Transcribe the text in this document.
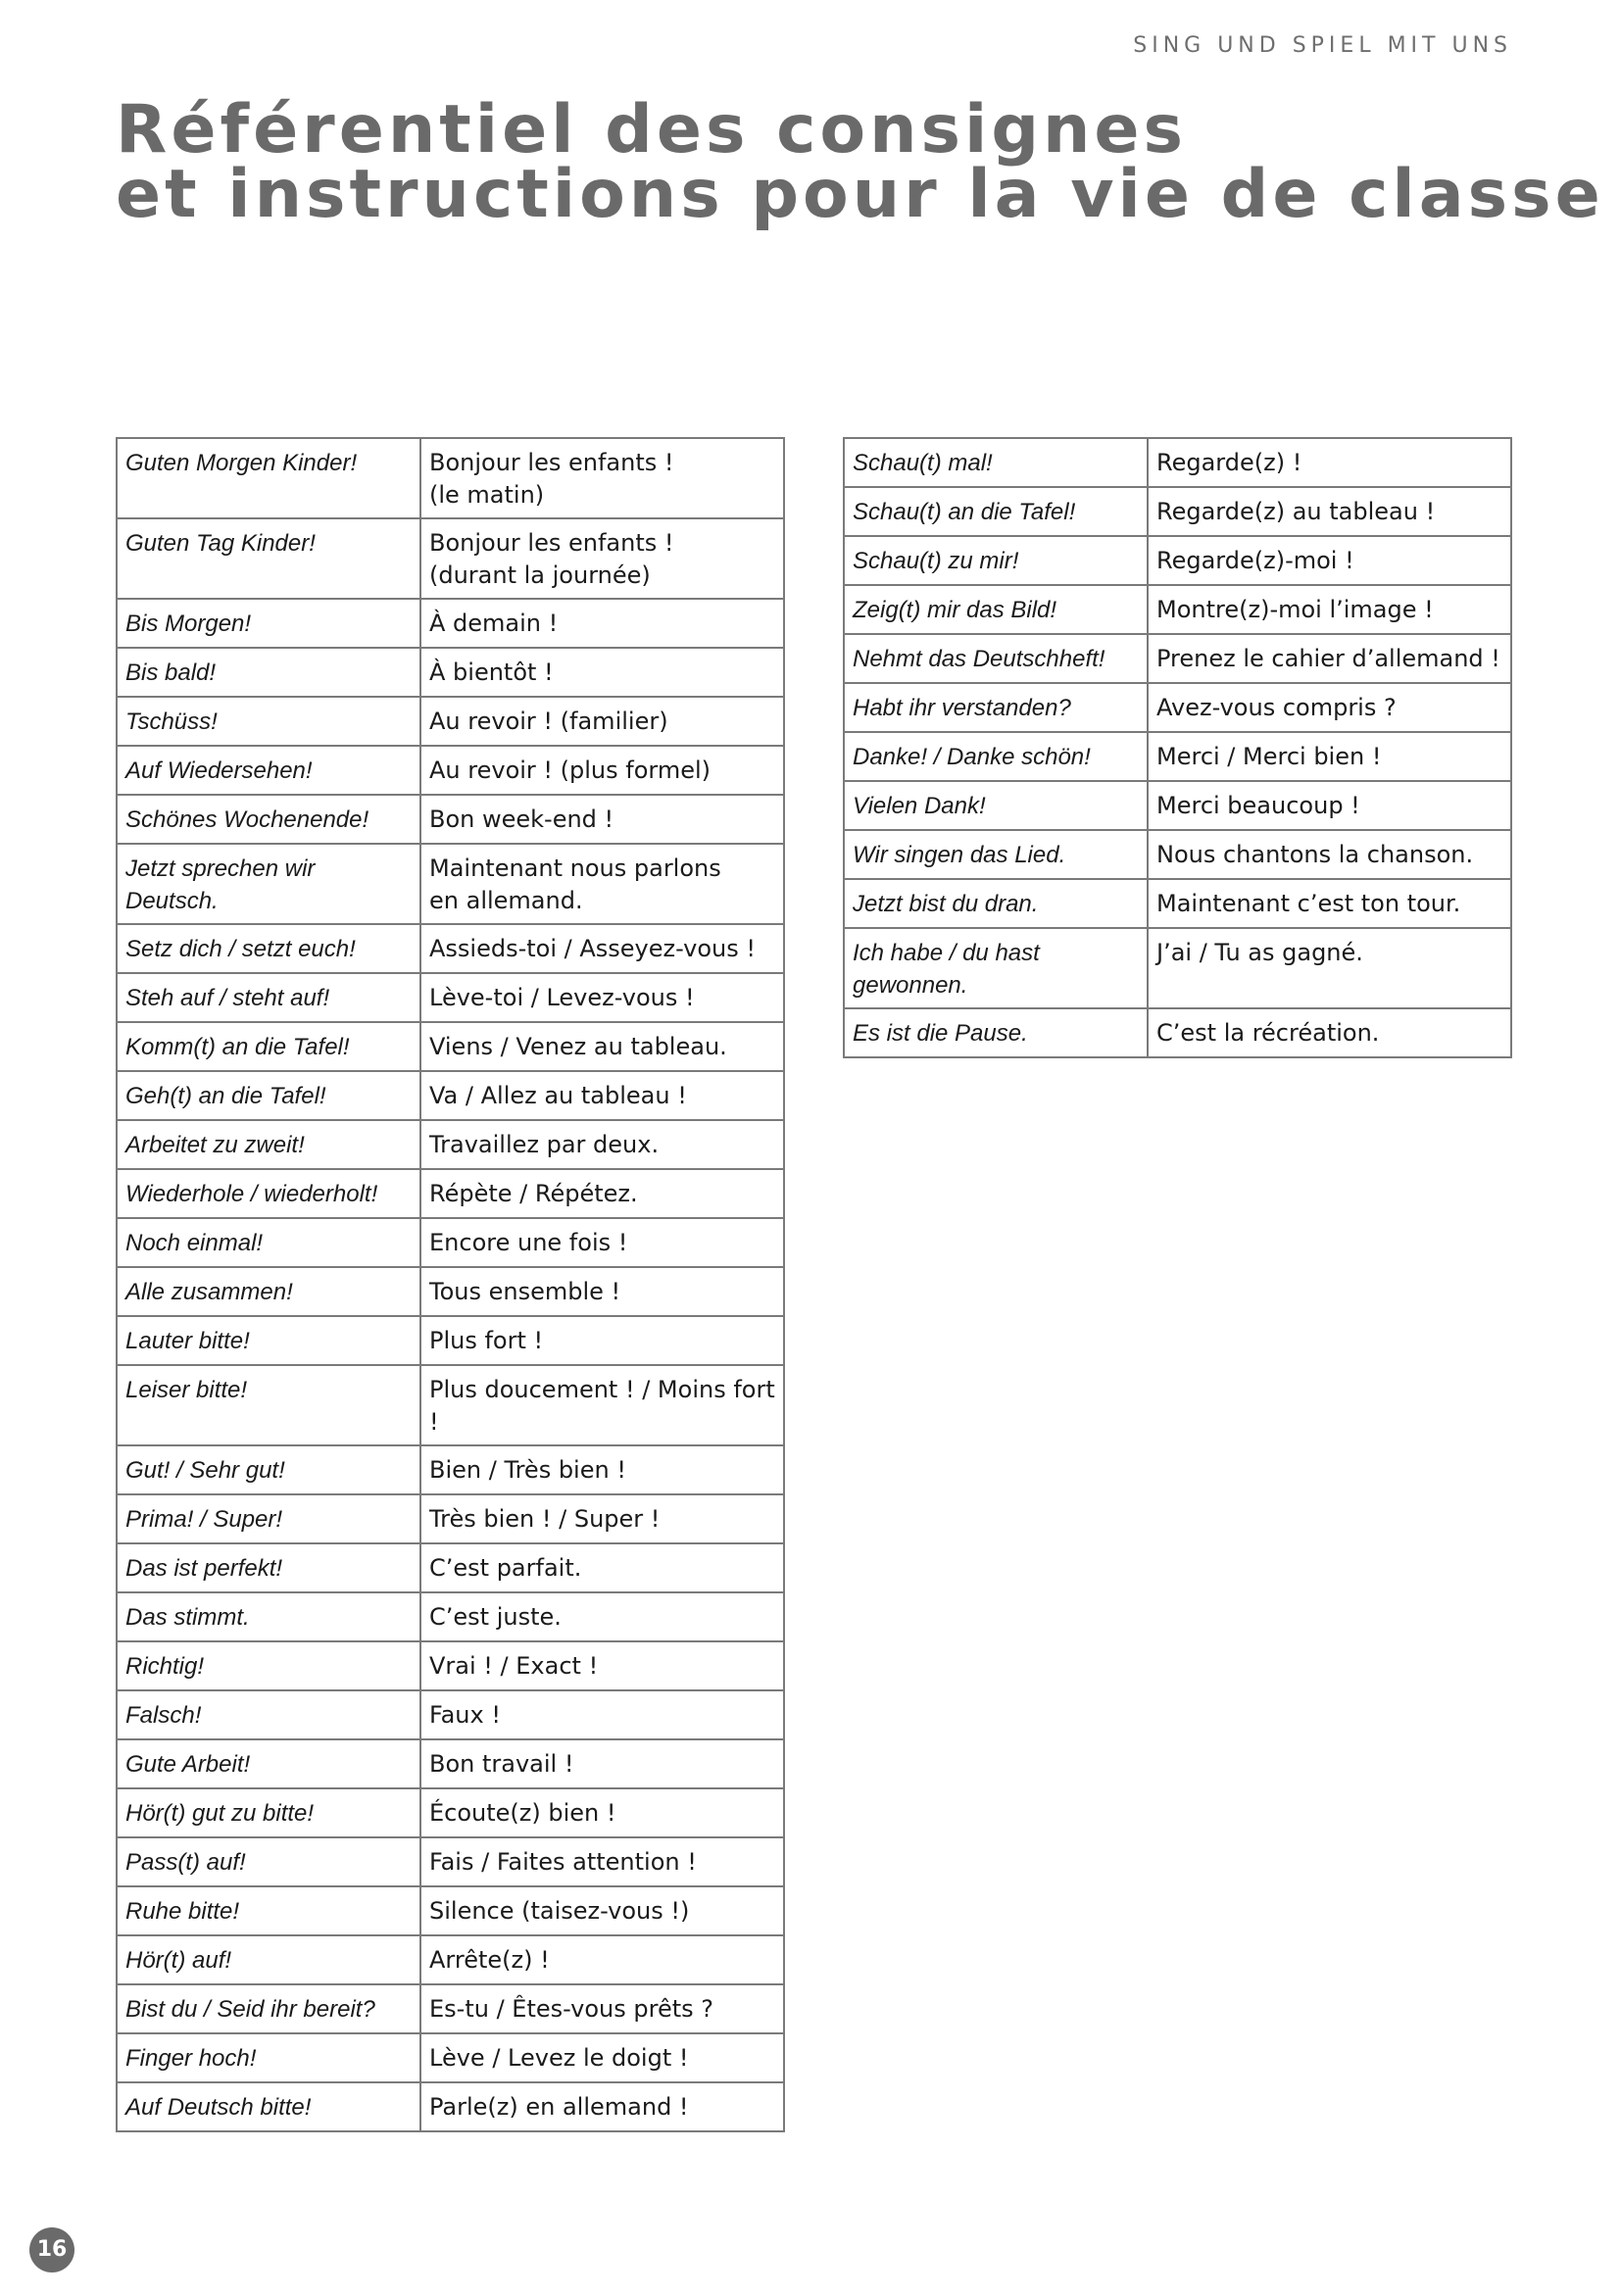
SING UND SPIEL MIT UNS
Référentiel des consignes
et instructions pour la vie de classe
Guten Morgen Kinder!	Bonjour les enfants !
(le matin)

Guten Tag Kinder!	Bonjour les enfants !
(durant la journée)

Bis Morgen!	À demain !
Bis bald!	À bientôt !
Tschüss!	Au revoir ! (familier)
Auf Wiedersehen!	Au revoir ! (plus formel)
Schönes Wochenende!	Bon week-end !
Jetzt sprechen wir Deutsch.	Maintenant nous parlons
en allemand.

Setz dich / setzt euch!	Assieds-toi / Asseyez-vous !
Steh auf / steht auf!	Lève-toi / Levez-vous !
Komm(t) an die Tafel!	Viens / Venez au tableau.
Geh(t) an die Tafel!	Va / Allez au tableau !
Arbeitet zu zweit!	Travaillez par deux.
Wiederhole / wiederholt!	Répète / Répétez.
Noch einmal!	Encore une fois !
Alle zusammen!	Tous ensemble !
Lauter bitte!	Plus fort !
Leiser bitte!	Plus doucement ! / Moins fort !
Gut! / Sehr gut!	Bien / Très bien !
Prima! / Super!	Très bien ! / Super !
Das ist perfekt!	C’est parfait.
Das stimmt.	C’est juste.
Richtig!	Vrai ! / Exact !
Falsch!	Faux !
Gute Arbeit!	Bon travail !
Hör(t) gut zu bitte!	Écoute(z) bien !
Pass(t) auf!	Fais / Faites attention !
Ruhe bitte!	Silence (taisez-vous !)
Hör(t) auf!	Arrête(z) !
Bist du / Seid ihr bereit?	Es-tu / Êtes-vous prêts ?
Finger hoch!	Lève / Levez le doigt !
Auf Deutsch bitte!	Parle(z) en allemand !
Schau(t) mal!	Regarde(z) !
Schau(t) an die Tafel!	Regarde(z) au tableau !
Schau(t) zu mir!	Regarde(z)-moi !
Zeig(t) mir das Bild!	Montre(z)-moi l’image !
Nehmt das Deutschheft!	Prenez le cahier d’allemand !
Habt ihr verstanden?	Avez-vous compris ?
Danke! / Danke schön!	Merci / Merci bien !
Vielen Dank!	Merci beaucoup !
Wir singen das Lied.	Nous chantons la chanson.
Jetzt bist du dran.	Maintenant c’est ton tour.
Ich habe / du hast gewonnen.	J’ai / Tu as gagné.
Es ist die Pause.	C’est la récréation.
16
